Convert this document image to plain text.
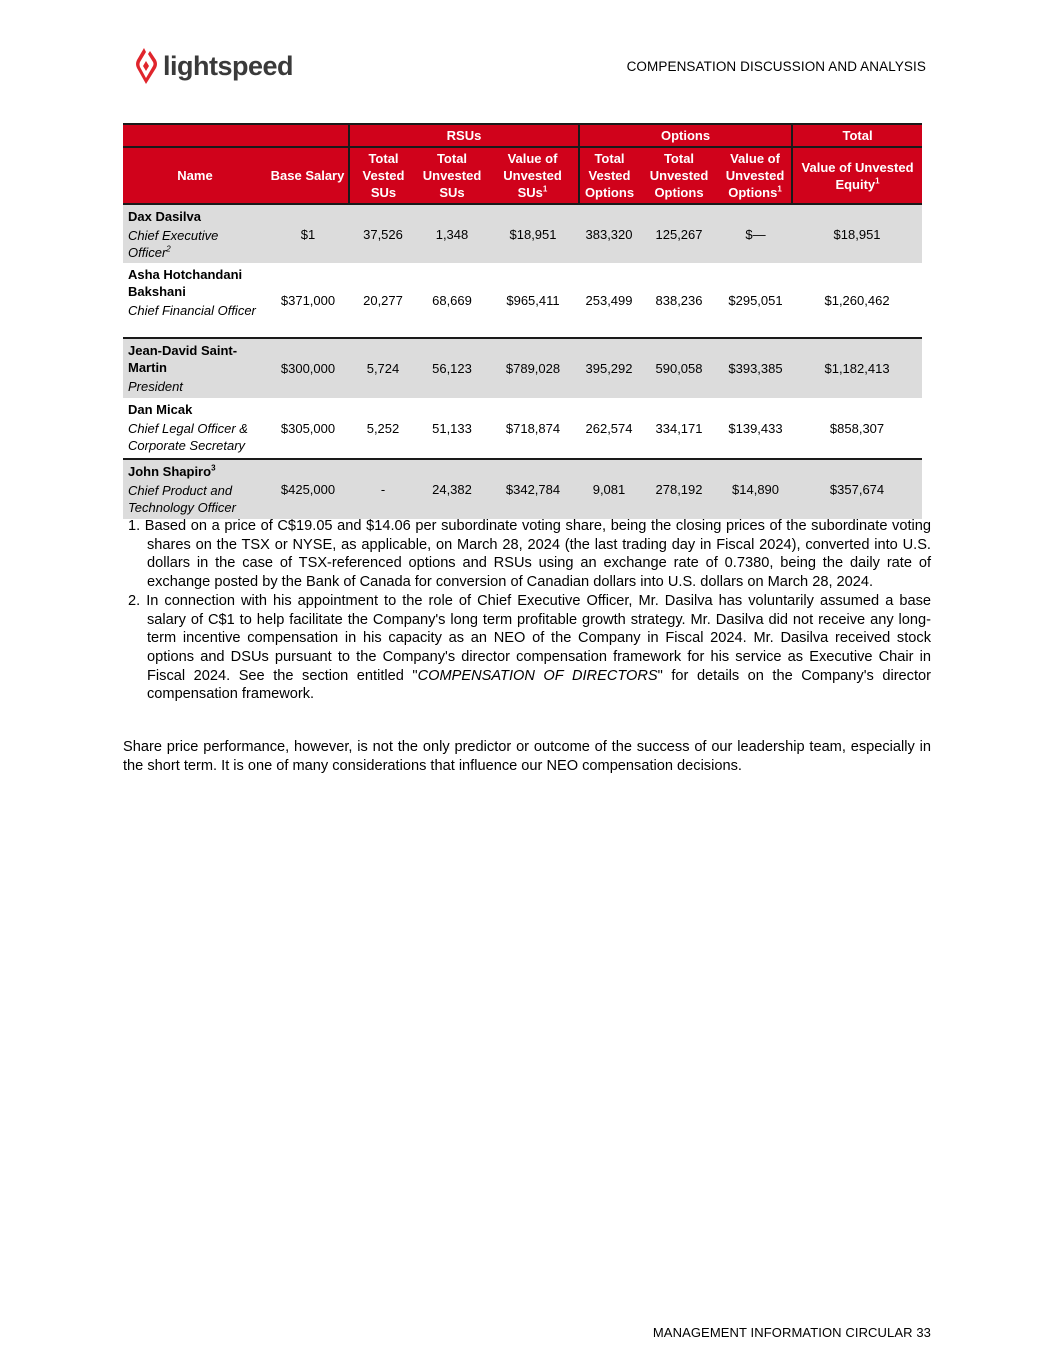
lightspeed	COMPENSATION DISCUSSION AND ANALYSIS
		RSUs			Options			Total
Name	Base Salary	Total Vested SUs	Total Unvested SUs	Value of Unvested SUs$^1$	Total Vested Options	Total Unvested Options	Value of Unvested Options$^1$	Value of Unvested Equity$^1$

Dax Dasilva
Chief Executive Officer$^2$	$1	37,526	1,348	$18,951	383,320	125,267	$—	$18,951

Asha Hotchandani Bakshani
Chief Financial Officer	$371,000	20,277	68,669	$965,411	253,499	838,236	$295,051	$1,260,462

Jean-David Saint-Martin
President	$300,000	5,724	56,123	$789,028	395,292	590,058	$393,385	$1,182,413

Dan Micak
Chief Legal Officer & Corporate Secretary	$305,000	5,252	51,133	$718,874	262,574	334,171	$139,433	$858,307

John Shapiro$^3$
Chief Product and Technology Officer	$425,000	-	24,382	$342,784	9,081	278,192	$14,890	$357,674

1. Based on a price of C$19.05 and $14.06 per subordinate voting share, being the closing prices of the subordinate voting shares on the TSX or NYSE, as applicable, on March 28, 2024 (the last trading day in Fiscal 2024), converted into U.S. dollars in the case of TSX-referenced options and RSUs using an exchange rate of 0.7380, being the daily rate of exchange posted by the Bank of Canada for conversion of Canadian dollars into U.S. dollars on March 28, 2024.

2. In connection with his appointment to the role of Chief Executive Officer, Mr. Dasilva has voluntarily assumed a base salary of C$1 to help facilitate the Company's long term profitable growth strategy. Mr. Dasilva did not receive any long-term incentive compensation in his capacity as an NEO of the Company in Fiscal 2024. Mr. Dasilva received stock options and DSUs pursuant to the Company's director compensation framework for his service as Executive Chair in Fiscal 2024. See the section entitled "COMPENSATION OF DIRECTORS" for details on the Company's director compensation framework.

Share price performance, however, is not the only predictor or outcome of the success of our leadership team, especially in the short term. It is one of many considerations that influence our NEO compensation decisions.

MANAGEMENT INFORMATION CIRCULAR 33
